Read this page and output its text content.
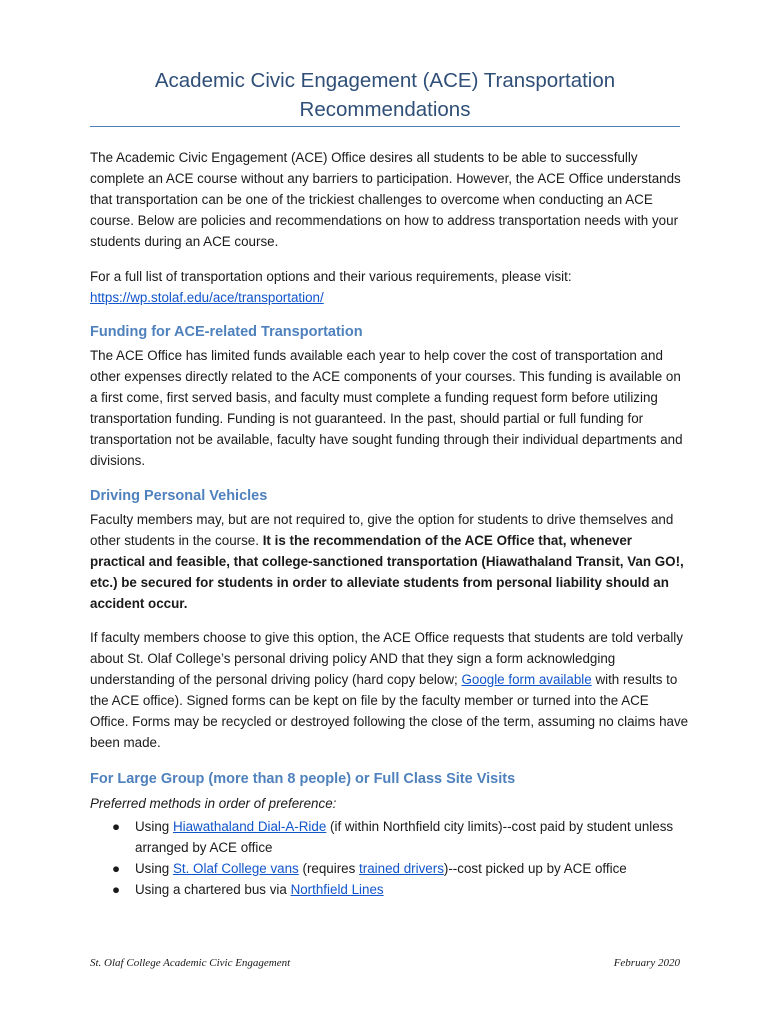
Academic Civic Engagement (ACE) Transportation Recommendations

The Academic Civic Engagement (ACE) Office desires all students to be able to successfully complete an ACE course without any barriers to participation. However, the ACE Office understands that transportation can be one of the trickiest challenges to overcome when conducting an ACE course. Below are policies and recommendations on how to address transportation needs with your students during an ACE course.

For a full list of transportation options and their various requirements, please visit:
https://wp.stolaf.edu/ace/transportation/

Funding for ACE-related Transportation

The ACE Office has limited funds available each year to help cover the cost of transportation and other expenses directly related to the ACE components of your courses. This funding is available on a first come, first served basis, and faculty must complete a funding request form before utilizing transportation funding. Funding is not guaranteed. In the past, should partial or full funding for transportation not be available, faculty have sought funding through their individual departments and divisions.

Driving Personal Vehicles

Faculty members may, but are not required to, give the option for students to drive themselves and other students in the course. It is the recommendation of the ACE Office that, whenever practical and feasible, that college-sanctioned transportation (Hiawathaland Transit, Van GO!, etc.) be secured for students in order to alleviate students from personal liability should an accident occur.

If faculty members choose to give this option, the ACE Office requests that students are told verbally about St. Olaf College’s personal driving policy AND that they sign a form acknowledging understanding of the personal driving policy (hard copy below; Google form available with results to the ACE office). Signed forms can be kept on file by the faculty member or turned into the ACE Office. Forms may be recycled or destroyed following the close of the term, assuming no claims have been made.

For Large Group (more than 8 people) or Full Class Site Visits
Preferred methods in order of preference:
● Using Hiawathaland Dial-A-Ride (if within Northfield city limits)--cost paid by student unless arranged by ACE office
● Using St. Olaf College vans (requires trained drivers)--cost picked up by ACE office
● Using a chartered bus via Northfield Lines
St. Olaf College Academic Civic Engagement	February 2020
